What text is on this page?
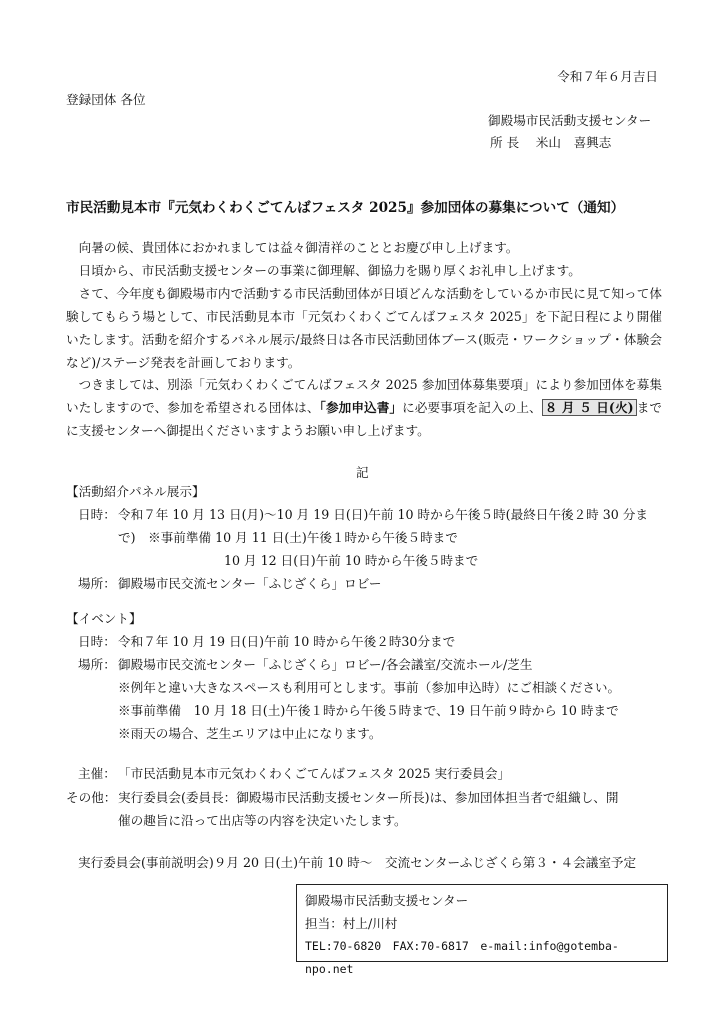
令和７年６月吉日
登録団体 各位
御殿場市民活動支援センター
所 長　 米山　喜興志
市民活動見本市『元気わくわくごてんばフェスタ 2025』参加団体の募集について（通知）

向暑の候、貴団体におかれましては益々御清祥のこととお慶び申し上げます。

日頃から、市民活動支援センターの事業に御理解、御協力を賜り厚くお礼申し上げます。

さて、今年度も御殿場市内で活動する市民活動団体が日頃どんな活動をしているか市民に見て知って体験してもらう場として、市民活動見本市「元気わくわくごてんばフェスタ 2025」を下記日程により開催いたします。活動を紹介するパネル展示/最終日は各市民活動団体ブース(販売・ワークショップ・体験会など)/ステージ発表を計画しております。

つきましては、別添「元気わくわくごてんばフェスタ 2025 参加団体募集要項」により参加団体を募集いたしますので、参加を希望される団体は、「参加申込書」に必要事項を記入の上、 ８ 月 ５ 日(火) までに支援センターへ御提出くださいますようお願い申し上げます。

記
【活動紹介パネル展示】
日時： 令和７年 10 月 13 日(月)～10 月 19 日(日)午前 10 時から午後５時(最終日午後２時 30 分ま
で)　※事前準備 10 月 11 日(土)午後１時から午後５時まで
10 月 12 日(日)午前 10 時から午後５時まで
場所： 御殿場市民交流センター「ふじざくら」ロビー
【イベント】
日時： 令和７年 10 月 19 日(日)午前 10 時から午後２時30分まで
場所： 御殿場市民交流センター「ふじざくら」ロビー/各会議室/交流ホール/芝生
※例年と違い大きなスペースも利用可とします。事前（参加申込時）にご相談ください。
※事前準備　10 月 18 日(土)午後１時から午後５時まで、19 日午前９時から 10 時まで
※雨天の場合、芝生エリアは中止になります。
主催： 「市民活動見本市元気わくわくごてんばフェスタ 2025 実行委員会」
その他： 実行委員会(委員長：御殿場市民活動支援センター所長)は、参加団体担当者で組織し、開
催の趣旨に沿って出店等の内容を決定いたします。
実行委員会(事前説明会)９月 20 日(土)午前 10 時～　交流センターふじざくら第３・４会議室予定
御殿場市民活動支援センター
担当：村上/川村
TEL:70-6820　FAX:70-6817　e-mail:info@gotemba-npo.net
